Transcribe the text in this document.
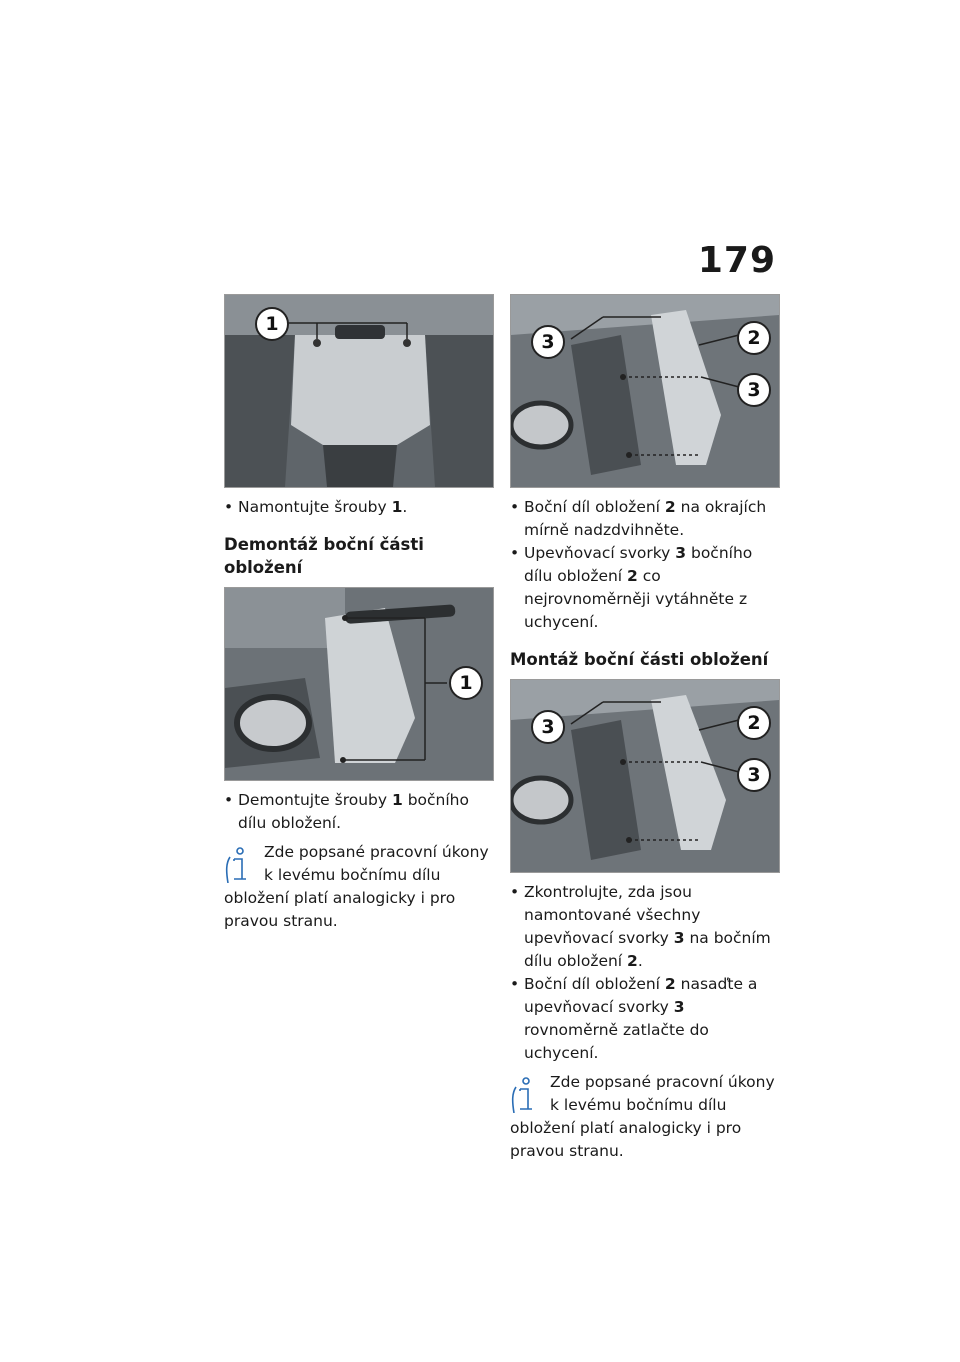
179
1

• Namontujte šrouby 1.

Demontáž boční části obložení
1

• Demontujte šrouby 1 bočního dílu obložení.

Zde popsané pracovní úkony k levému bočnímu dílu obložení platí analogicky i pro pravou stranu.
3	2
3

• Boční díl obložení 2 na okrajích mírně nadzdvihněte.

• Upevňovací svorky 3 bočního dílu obložení 2 co nejrovnoměrněji vytáhněte z uchycení.

Montáž boční části obložení
3	2
3

• Zkontrolujte, zda jsou namontované všechny upevňovací svorky 3 na bočním dílu obložení 2.

• Boční díl obložení 2 nasaďte a upevňovací svorky 3 rovnoměrně zatlačte do uchycení.

Zde popsané pracovní úkony k levému bočnímu dílu obložení platí analogicky i pro pravou stranu.
